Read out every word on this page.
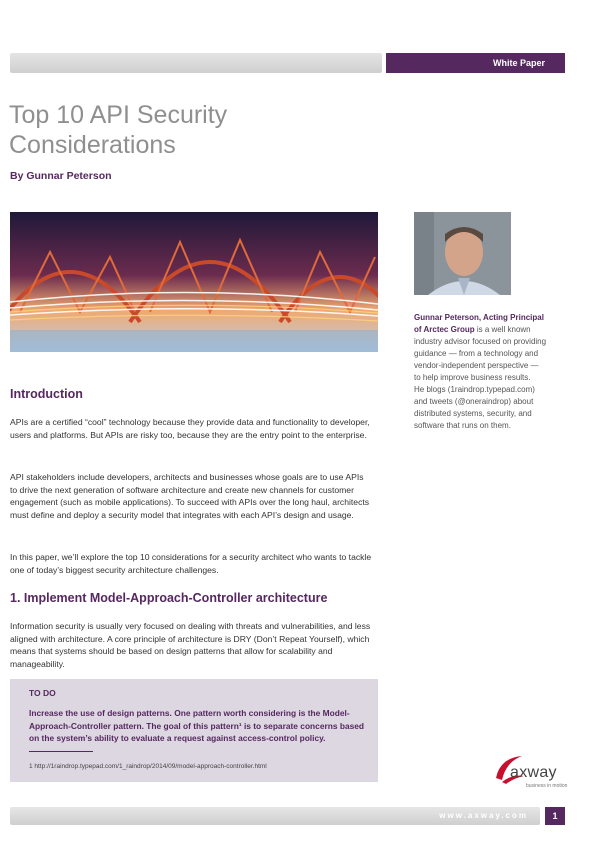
White Paper
Top 10 API Security Considerations
By Gunnar Peterson
Gunnar Peterson, Acting Principal
of Arctec Group is a well known
industry advisor focused on providing
guidance — from a technology and
vendor-independent perspective —
to help improve business results.
He blogs (1raindrop.typepad.com)
and tweets (@oneraindrop) about
distributed systems, security, and
software that runs on them.
Introduction

APIs are a certified “cool” technology because they provide data and functionality to developer, users and platforms. But APIs are risky too, because they are the entry point to the enterprise.

API stakeholders include developers, architects and businesses whose goals are to use APIs to drive the next generation of software architecture and create new channels for customer engagement (such as mobile applications). To succeed with APIs over the long haul, architects must define and deploy a security model that integrates with each API’s design and usage.

In this paper, we’ll explore the top 10 considerations for a security architect who wants to tackle one of today’s biggest security architecture challenges.

1. Implement Model-Approach-Controller architecture

Information security is usually very focused on dealing with threats and vulnerabilities, and less aligned with architecture. A core principle of architecture is DRY (Don’t Repeat Yourself), which means that systems should be based on design patterns that allow for scalability and manageability.

TO DO
Increase the use of design patterns. One pattern worth considering is the Model-Approach-Controller pattern. The goal of this pattern¹ is to separate concerns based on the system’s ability to evaluate a request against access-control policy.
1 http://1raindrop.typepad.com/1_raindrop/2014/09/model-approach-controller.html	axway
business in motion
www.axway.com	1
